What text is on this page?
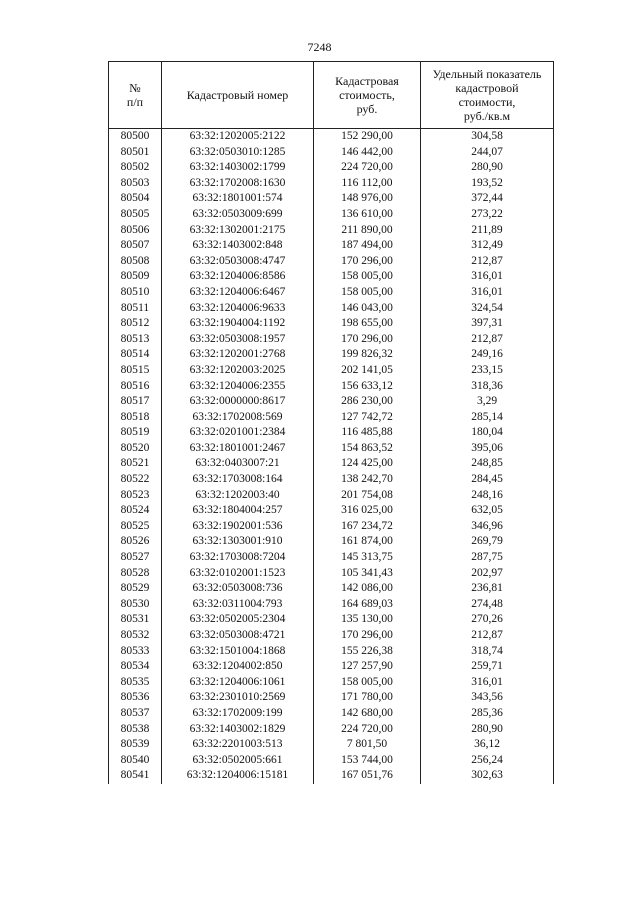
7248
№
п/п	Кадастровый номер	Кадастровая
стоимость,
руб.	Удельный показатель
кадастровой
стоимости,
руб./кв.м

80500	63:32:1202005:2122	152 290,00	304,58
80501	63:32:0503010:1285	146 442,00	244,07
80502	63:32:1403002:1799	224 720,00	280,90
80503	63:32:1702008:1630	116 112,00	193,52
80504	63:32:1801001:574	148 976,00	372,44
80505	63:32:0503009:699	136 610,00	273,22
80506	63:32:1302001:2175	211 890,00	211,89
80507	63:32:1403002:848	187 494,00	312,49
80508	63:32:0503008:4747	170 296,00	212,87
80509	63:32:1204006:8586	158 005,00	316,01
80510	63:32:1204006:6467	158 005,00	316,01
80511	63:32:1204006:9633	146 043,00	324,54
80512	63:32:1904004:1192	198 655,00	397,31
80513	63:32:0503008:1957	170 296,00	212,87
80514	63:32:1202001:2768	199 826,32	249,16
80515	63:32:1202003:2025	202 141,05	233,15
80516	63:32:1204006:2355	156 633,12	318,36
80517	63:32:0000000:8617	286 230,00	3,29
80518	63:32:1702008:569	127 742,72	285,14
80519	63:32:0201001:2384	116 485,88	180,04
80520	63:32:1801001:2467	154 863,52	395,06
80521	63:32:0403007:21	124 425,00	248,85
80522	63:32:1703008:164	138 242,70	284,45
80523	63:32:1202003:40	201 754,08	248,16
80524	63:32:1804004:257	316 025,00	632,05
80525	63:32:1902001:536	167 234,72	346,96
80526	63:32:1303001:910	161 874,00	269,79
80527	63:32:1703008:7204	145 313,75	287,75
80528	63:32:0102001:1523	105 341,43	202,97
80529	63:32:0503008:736	142 086,00	236,81
80530	63:32:0311004:793	164 689,03	274,48
80531	63:32:0502005:2304	135 130,00	270,26
80532	63:32:0503008:4721	170 296,00	212,87
80533	63:32:1501004:1868	155 226,38	318,74
80534	63:32:1204002:850	127 257,90	259,71
80535	63:32:1204006:1061	158 005,00	316,01
80536	63:32:2301010:2569	171 780,00	343,56
80537	63:32:1702009:199	142 680,00	285,36
80538	63:32:1403002:1829	224 720,00	280,90
80539	63:32:2201003:513	7 801,50	36,12
80540	63:32:0502005:661	153 744,00	256,24
80541	63:32:1204006:15181	167 051,76	302,63
